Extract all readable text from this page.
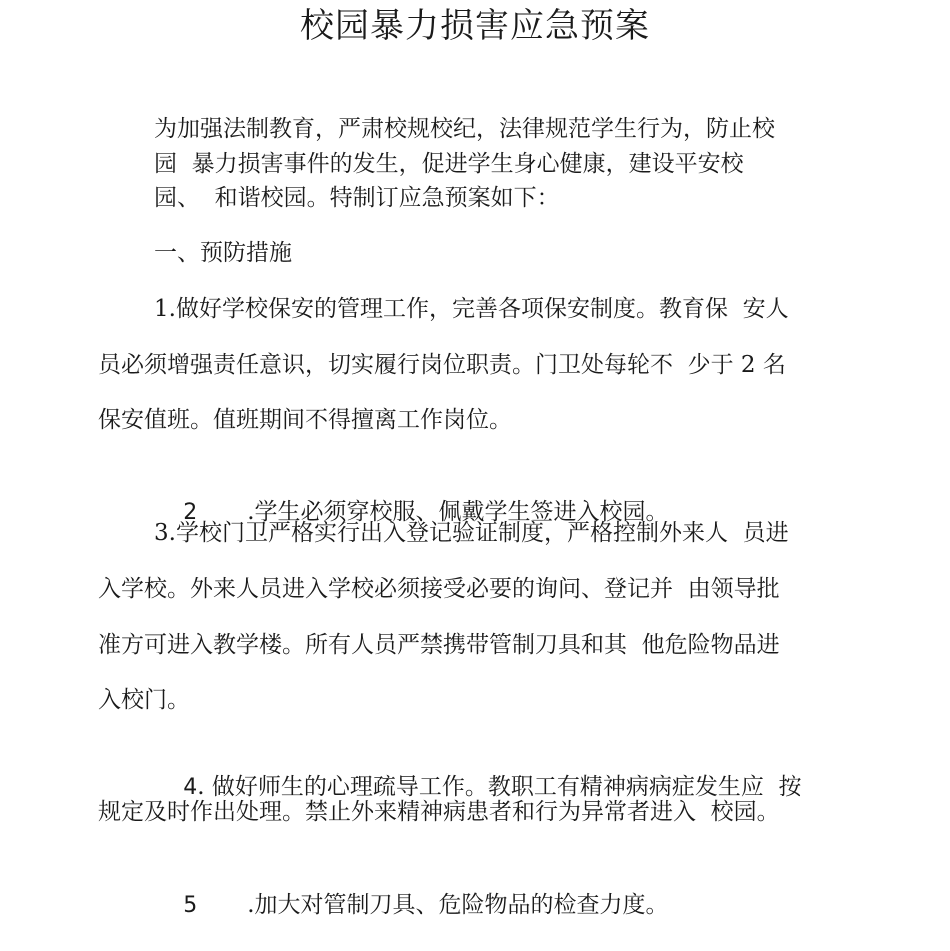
校园暴力损害应急预案
为加强法制教育，严肃校规校纪，法律规范学生行为，防止校
园  暴力损害事件的发生，促进学生身心健康，建设平安校
园、  和谐校园。特制订应急预案如下：
一、预防措施
1.做好学校保安的管理工作，完善各项保安制度。教育保  安人
员必须增强责任意识，切实履行岗位职责。门卫处每轮不  少于 2 名
保安值班。值班期间不得擅离工作岗位。

2 .学生必须穿校服、佩戴学生签进入校园。

3.学校门卫严格实行出入登记验证制度，严格控制外来人  员进
入学校。外来人员进入学校必须接受必要的询问、登记并  由领导批
准方可进入教学楼。所有人员严禁携带管制刀具和其  他危险物品进
入校门。

4. 做好师生的心理疏导工作。教职工有精神病病症发生应  按

规定及时作出处理。禁止外来精神病患者和行为异常者进入  校园。

5 .加大对管制刀具、危险物品的检查力度。
